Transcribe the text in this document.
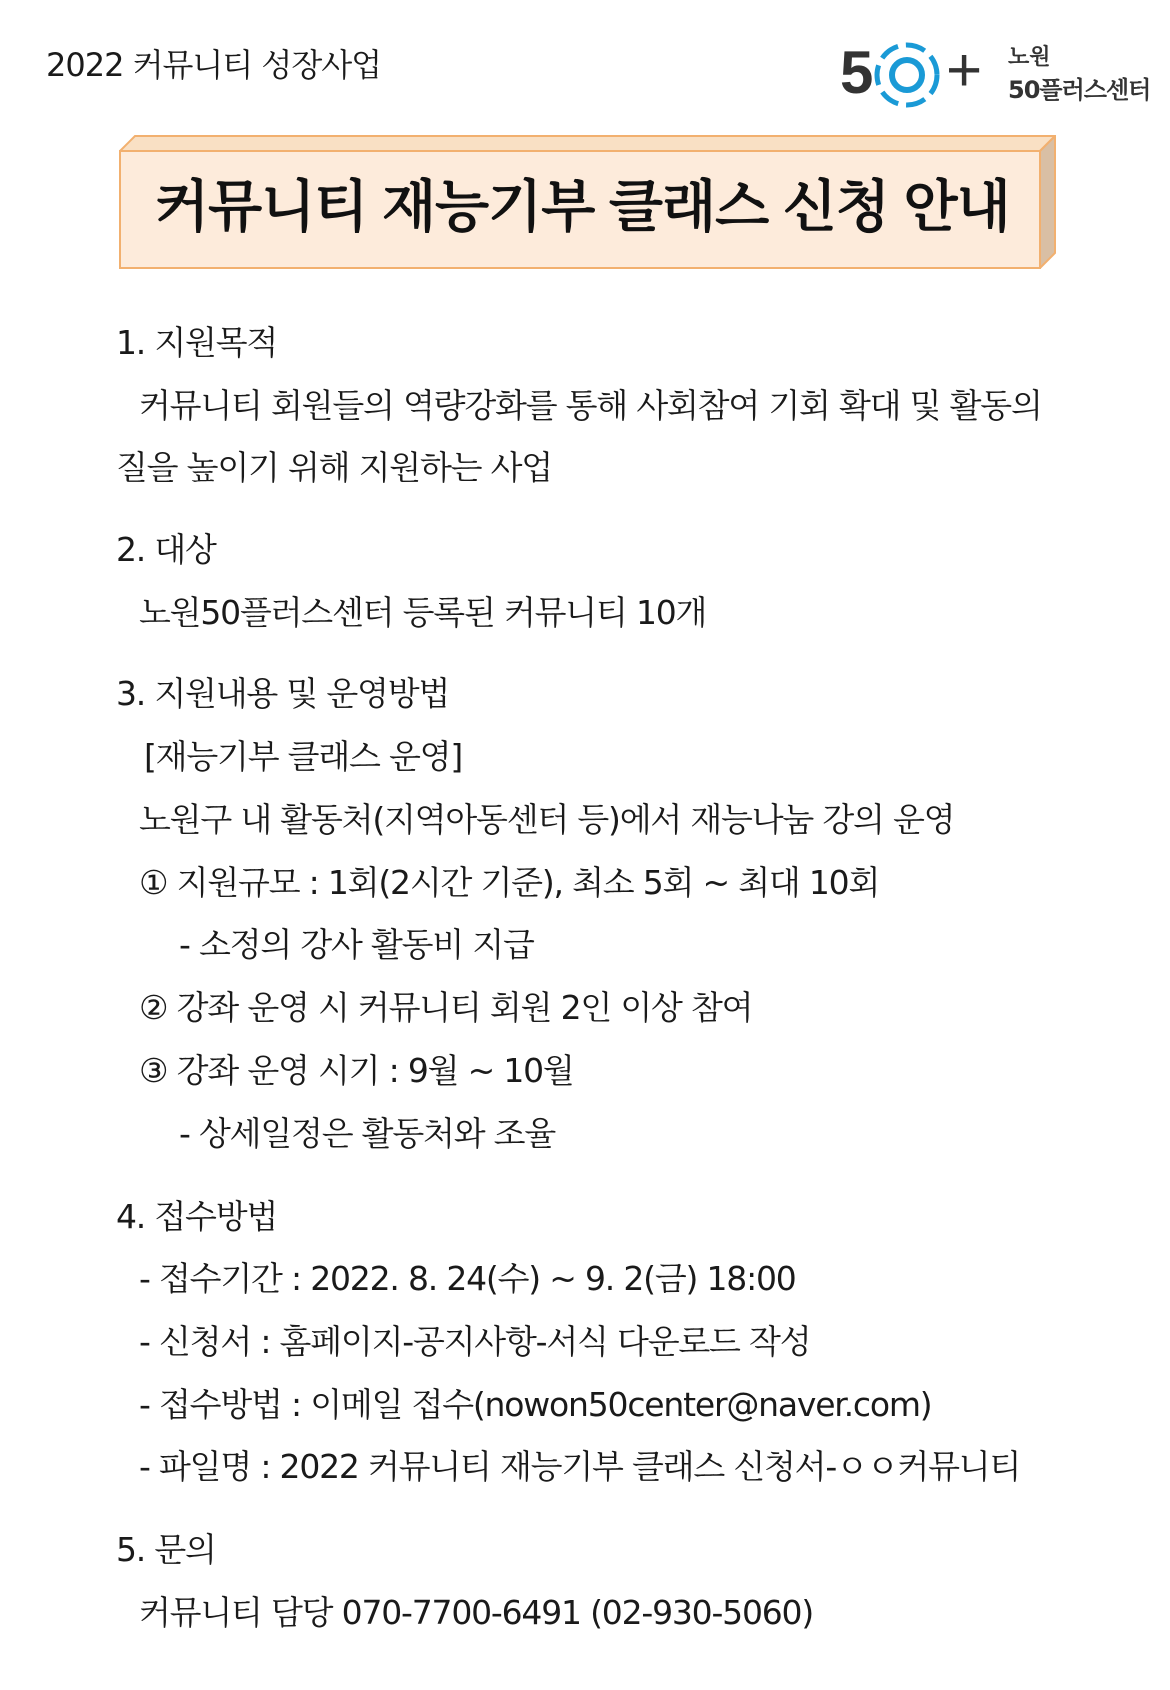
2022 커뮤니티 성장사업	5 + 노원
50플러스센터
커뮤니티 재능기부 클래스 신청 안내
1. 지원목적
커뮤니티 회원들의 역량강화를 통해 사회참여 기회 확대 및 활동의
질을 높이기 위해 지원하는 사업
2. 대상
노원50플러스센터 등록된 커뮤니티 10개
3. 지원내용 및 운영방법
[재능기부 클래스 운영]
노원구 내 활동처(지역아동센터 등)에서 재능나눔 강의 운영
① 지원규모 : 1회(2시간 기준), 최소 5회 ~ 최대 10회
- 소정의 강사 활동비 지급
② 강좌 운영 시 커뮤니티 회원 2인 이상 참여
③ 강좌 운영 시기 : 9월 ~ 10월
- 상세일정은 활동처와 조율
4. 접수방법
- 접수기간 : 2022. 8. 24(수) ~ 9. 2(금) 18:00
- 신청서 : 홈페이지-공지사항-서식 다운로드 작성
- 접수방법 : 이메일 접수(nowon50center@naver.com)
- 파일명 : 2022 커뮤니티 재능기부 클래스 신청서-ㅇㅇ커뮤니티
5. 문의
커뮤니티 담당 070-7700-6491 (02-930-5060)
